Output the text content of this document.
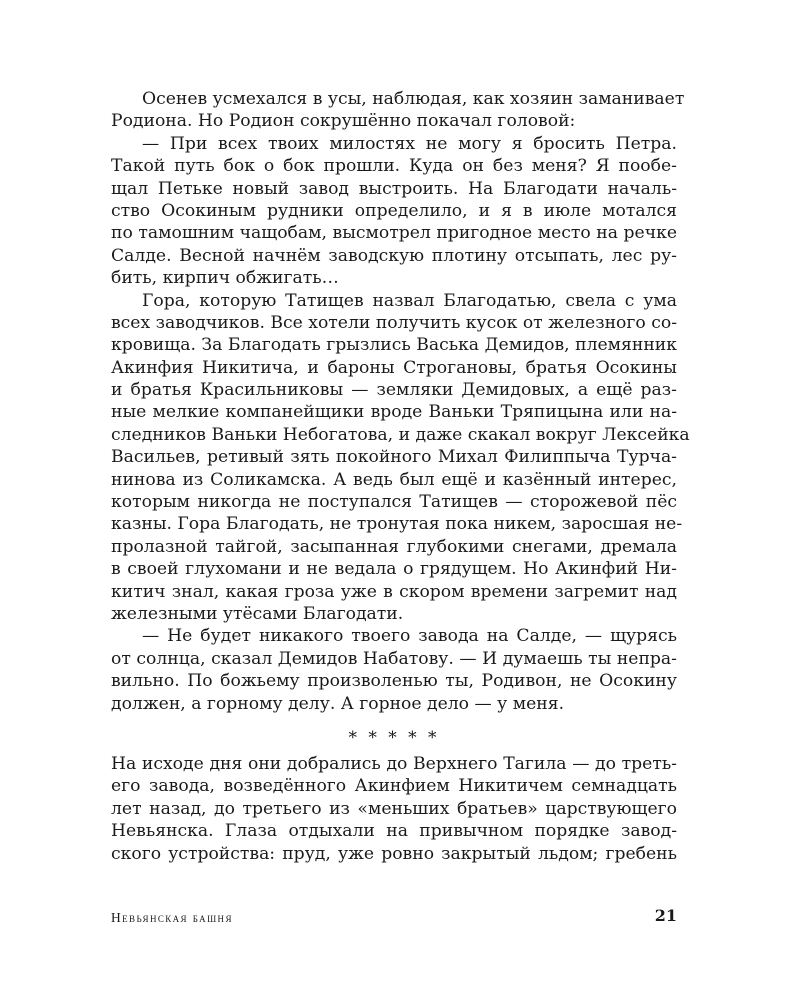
Осенев усмехался в усы, наблюдая, как хозяин заманивает
Родиона. Но Родион сокрушённо покачал головой:
— При всех твоих милостях не могу я бросить Петра.
Такой путь бок о бок прошли. Куда он без меня? Я пообе-
щал Петьке новый завод выстроить. На Благодати началь-
ство Осокиным рудники определило, и я в июле мотался
по тамошним чащобам, высмотрел пригодное место на речке
Салде. Весной начнём заводскую плотину отсыпать, лес ру-
бить, кирпич обжигать…
Гора, которую Татищев назвал Благодатью, свела с ума
всех заводчиков. Все хотели получить кусок от железного со-
кровища. За Благодать грызлись Васька Демидов, племянник
Акинфия Никитича, и бароны Строгановы, братья Осокины
и братья Красильниковы — земляки Демидовых, а ещё раз-
ные мелкие компанейщики вроде Ваньки Тряпицына или на-
следников Ваньки Небогатова, и даже скакал вокруг Лексейка
Васильев, ретивый зять покойного Михал Филиппыча Турча-
нинова из Соликамска. А ведь был ещё и казённый интерес,
которым никогда не поступался Татищев — сторожевой пёс
казны. Гора Благодать, не тронутая пока никем, заросшая не-
пролазной тайгой, засыпанная глубокими снегами, дремала
в своей глухомани и не ведала о грядущем. Но Акинфий Ни-
китич знал, какая гроза уже в скором времени загремит над
железными утёсами Благодати.
— Не будет никакого твоего завода на Салде, — щурясь
от солнца, сказал Демидов Набатову. — И думаешь ты непра-
вильно. По божьему произволенью ты, Родивон, не Осокину
должен, а горному делу. А горное дело — у меня.
* * * * *
На исходе дня они добрались до Верхнего Тагила — до треть-
его завода, возведённого Акинфием Никитичем семнадцать
лет назад, до третьего из «меньших братьев» царствующего
Невьянска. Глаза отдыхали на привычном порядке завод-
ского устройства: пруд, уже ровно закрытый льдом; гребень
Невьянская башня	21
